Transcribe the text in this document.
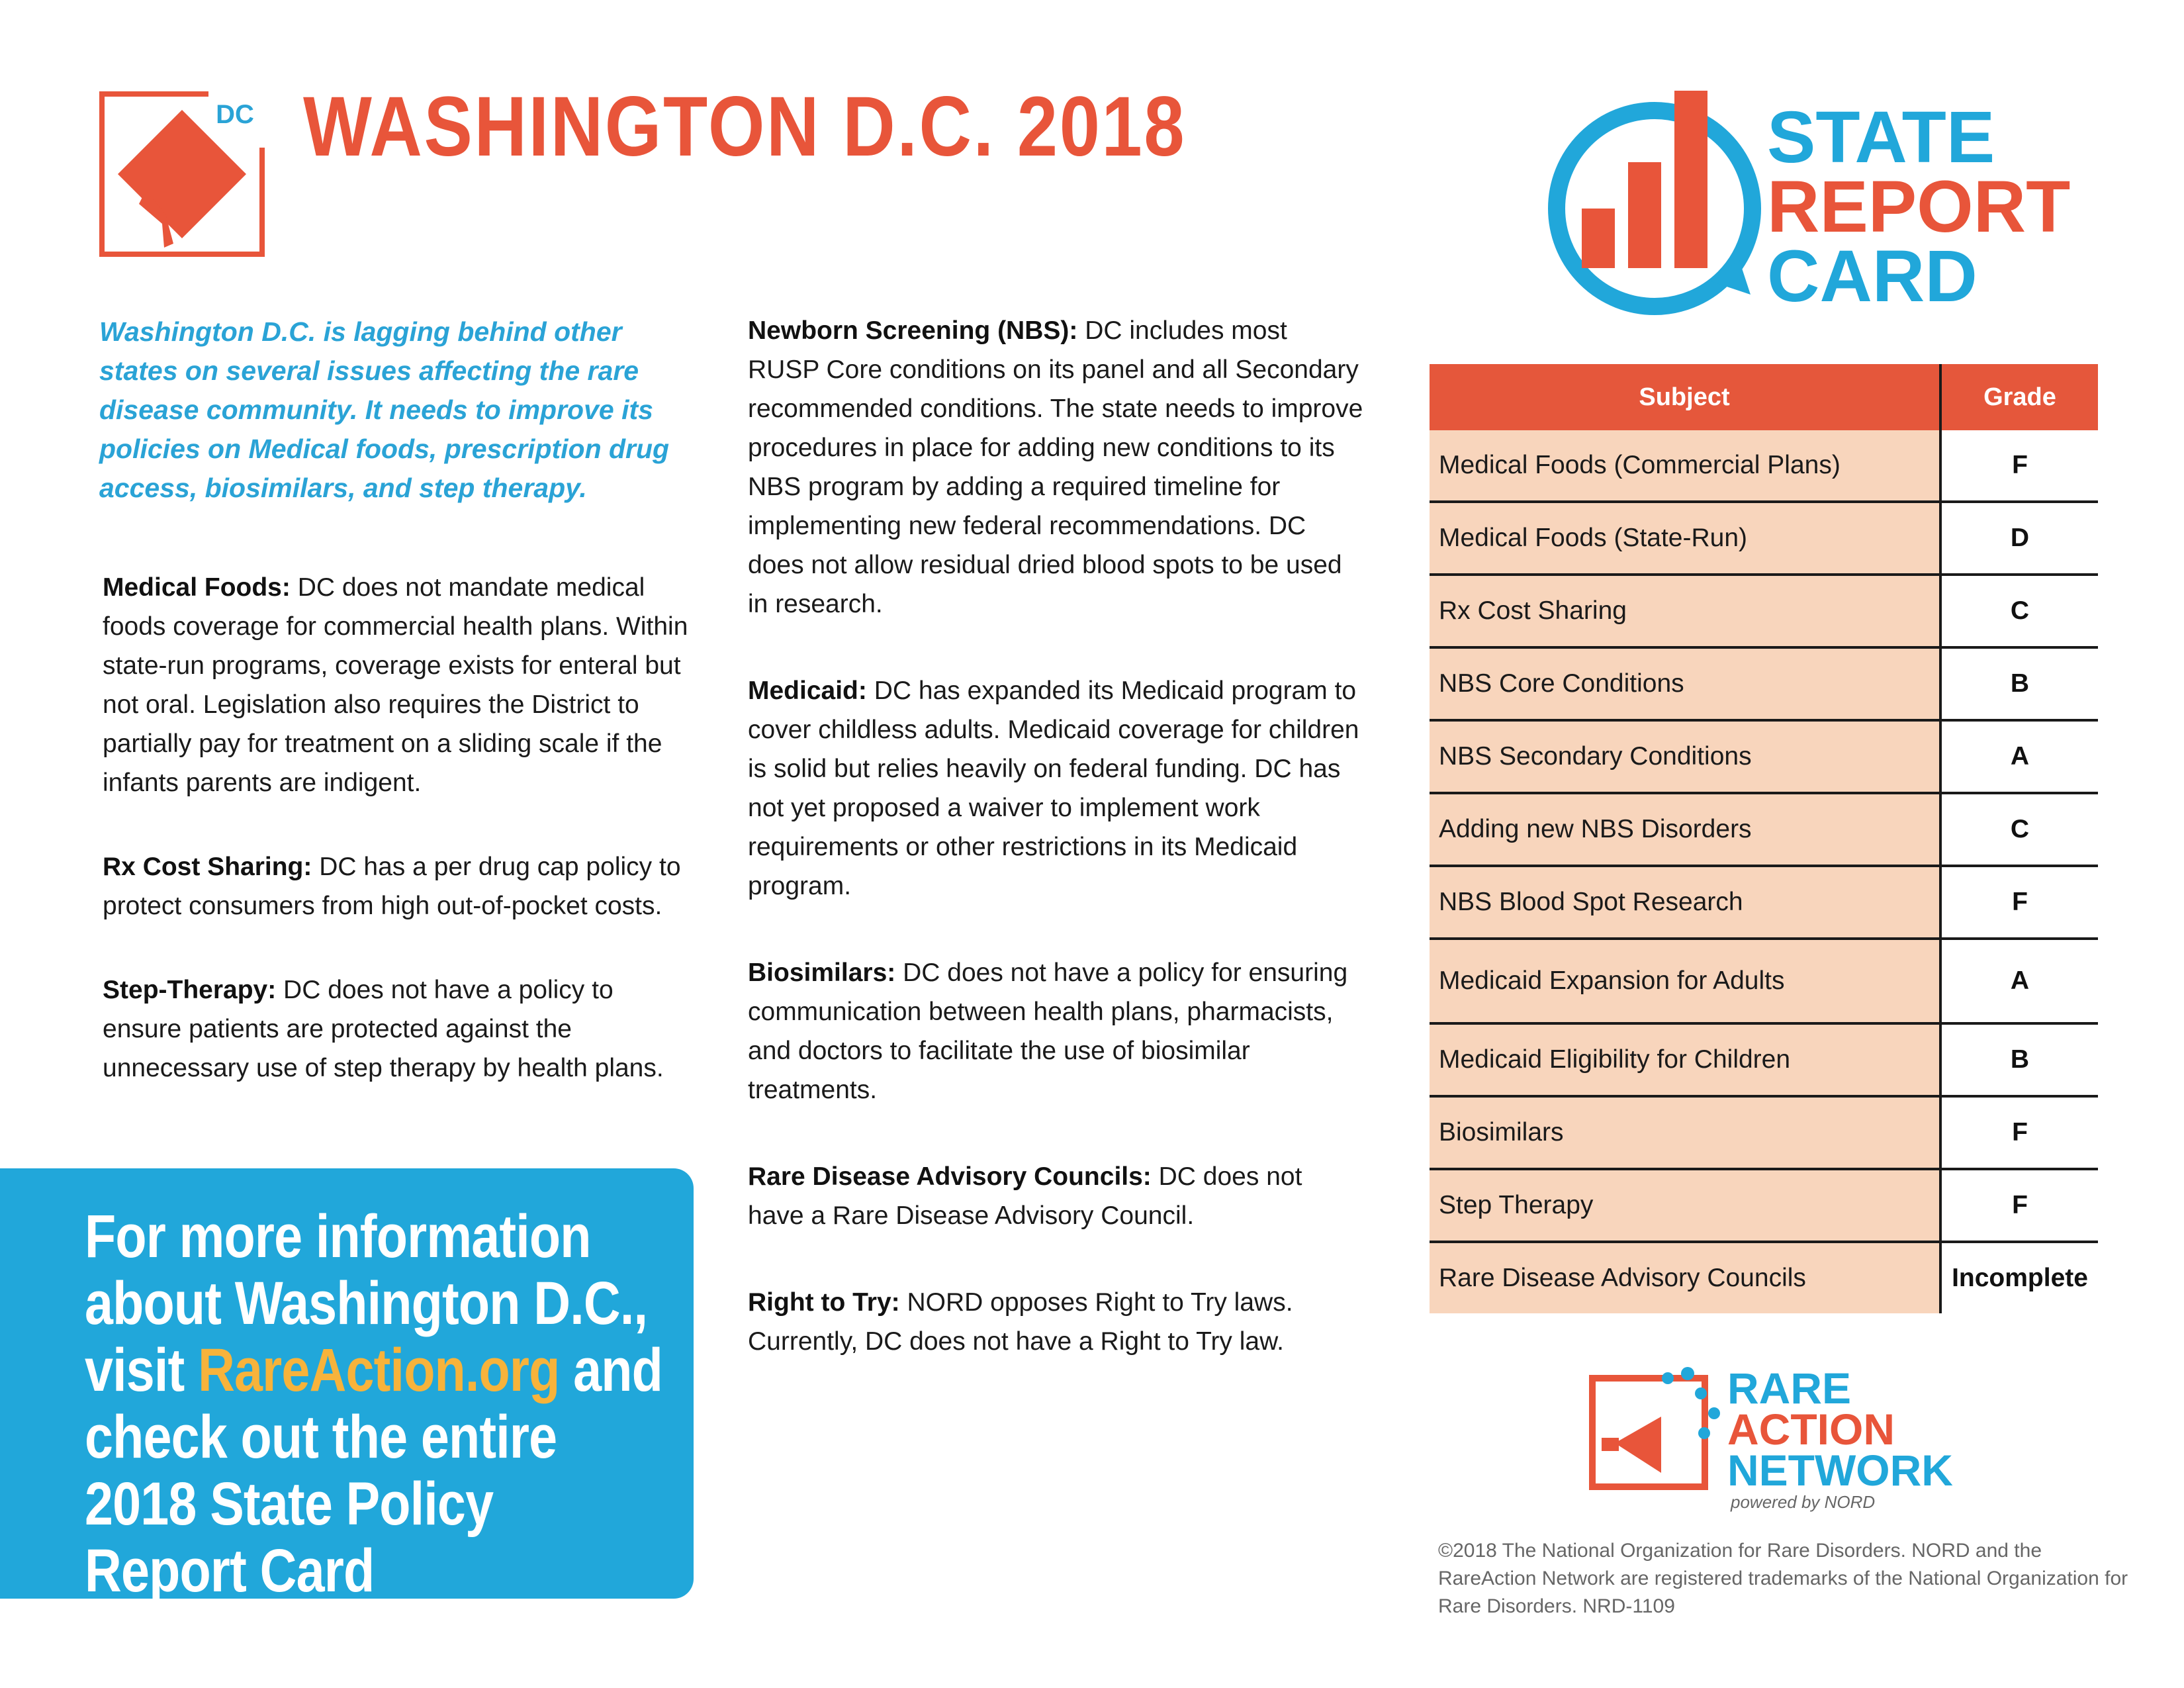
DC WASHINGTON D.C. 2018

Washington D.C. is lagging behind other states on several issues affecting the rare disease community. It needs to improve its policies on Medical foods, prescription drug access, biosimilars, and step therapy.

Medical Foods: DC does not mandate medical foods coverage for commercial health plans. Within state-run programs, coverage exists for enteral but not oral. Legislation also requires the District to partially pay for treatment on a sliding scale if the infants parents are indigent.

Rx Cost Sharing: DC has a per drug cap policy to protect consumers from high out-of-pocket costs.

Step-Therapy: DC does not have a policy to ensure patients are protected against the unnecessary use of step therapy by health plans.

Newborn Screening (NBS): DC includes most RUSP Core conditions on its panel and all Secondary recommended conditions. The state needs to improve procedures in place for adding new conditions to its NBS program by adding a required timeline for implementing new federal recommendations. DC does not allow residual dried blood spots to be used in research.

Medicaid: DC has expanded its Medicaid program to cover childless adults. Medicaid coverage for children is solid but relies heavily on federal funding. DC has not yet proposed a waiver to implement work requirements or other restrictions in its Medicaid program.

Biosimilars: DC does not have a policy for ensuring communication between health plans, pharmacists, and doctors to facilitate the use of biosimilar treatments.

Rare Disease Advisory Councils: DC does not have a Rare Disease Advisory Council.

Right to Try: NORD opposes Right to Try laws. Currently, DC does not have a Right to Try law.

For more information about Washington D.C., visit RareAction.org and check out the entire 2018 State Policy Report Card

STATE
REPORT
CARD
Subject	Grade
Medical Foods (Commercial Plans)	F
Medical Foods (State-Run)	D
Rx Cost Sharing	C
NBS Core Conditions	B
NBS Secondary Conditions	A
Adding new NBS Disorders	C
NBS Blood Spot Research	F
Medicaid Expansion for Adults	A
Medicaid Eligibility for Children	B
Biosimilars	F
Step Therapy	F
Rare Disease Advisory Councils	Incomplete
RARE
ACTION
NETWORK
powered by NORD

©2018 The National Organization for Rare Disorders. NORD and the RareAction Network are registered trademarks of the National Organization for Rare Disorders. NRD-1109
